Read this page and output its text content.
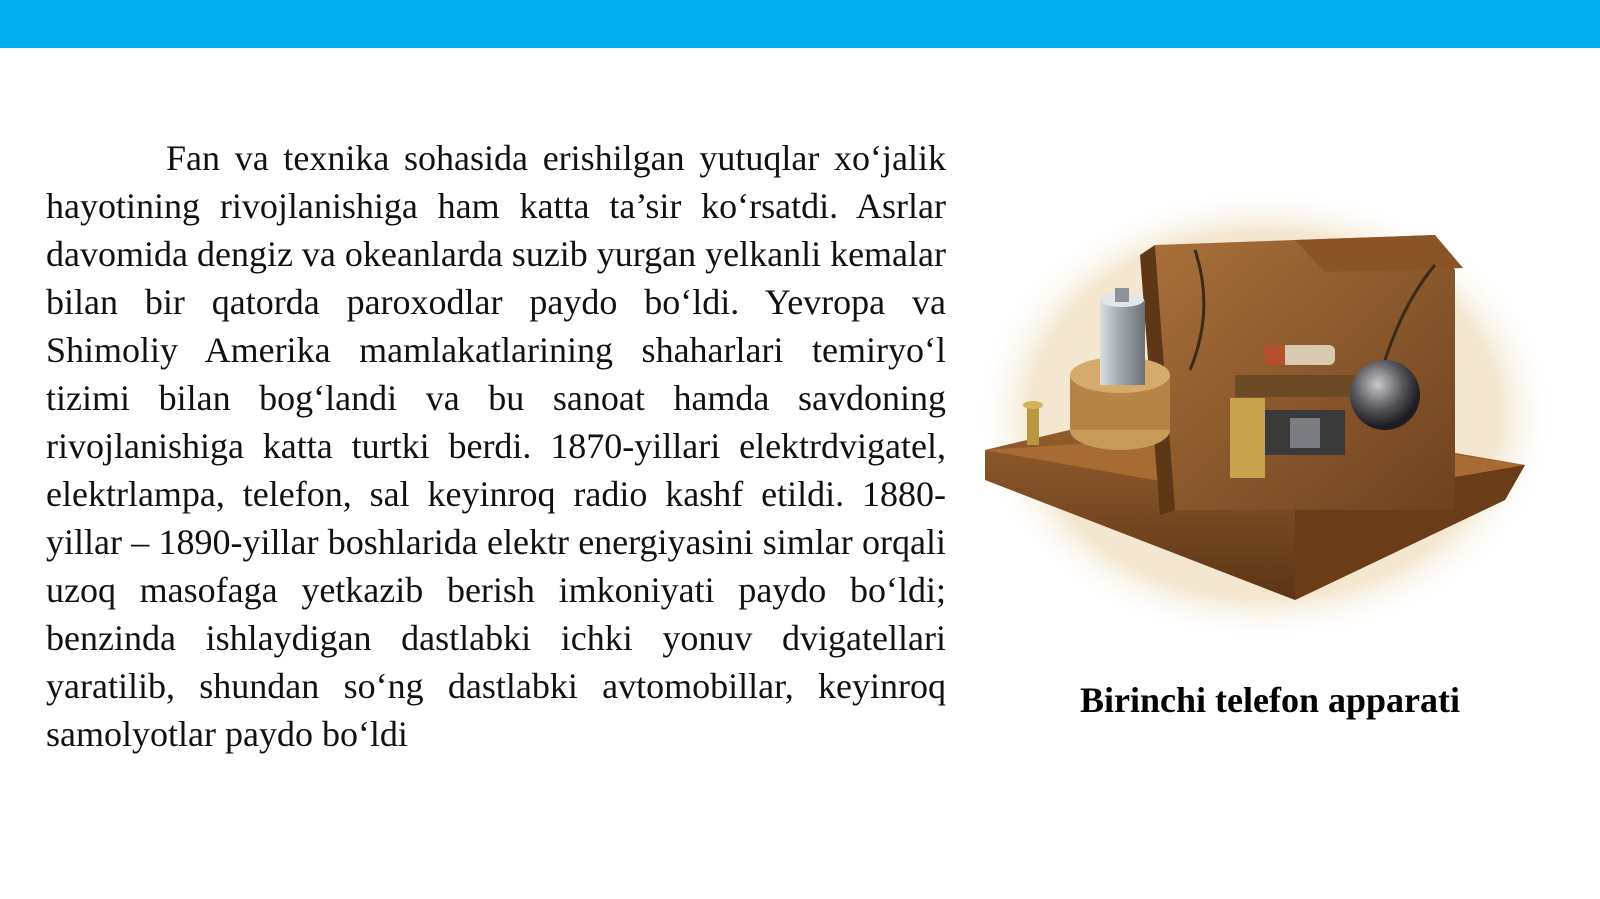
Fan va texnika sohasida erishilgan yutuqlar xo‘jalik hayotining rivojlanishiga ham katta ta’sir ko‘rsatdi. Asrlar davomida dengiz va okeanlarda suzib yurgan yelkanli kemalar bilan bir qatorda paroxodlar paydo bo‘ldi. Yevropa va Shimoliy Amerika mamlakatlarining shaharlari temiryo‘l tizimi bilan bog‘landi va bu sanoat hamda savdoning rivojlanishiga katta turtki berdi. 1870-yillari elektrdvigatel, elektrlampa, telefon, sal keyinroq radio kashf etildi. 1880-yillar – 1890-yillar boshlarida elektr energiyasini simlar orqali uzoq masofaga yetkazib berish imkoniyati paydo bo‘ldi; benzinda ishlaydigan dastlabki ichki yonuv dvigatellari yaratilib, shundan so‘ng dastlabki avtomobillar, keyinroq samolyotlar paydo bo‘ldi

Birinchi telefon apparati
